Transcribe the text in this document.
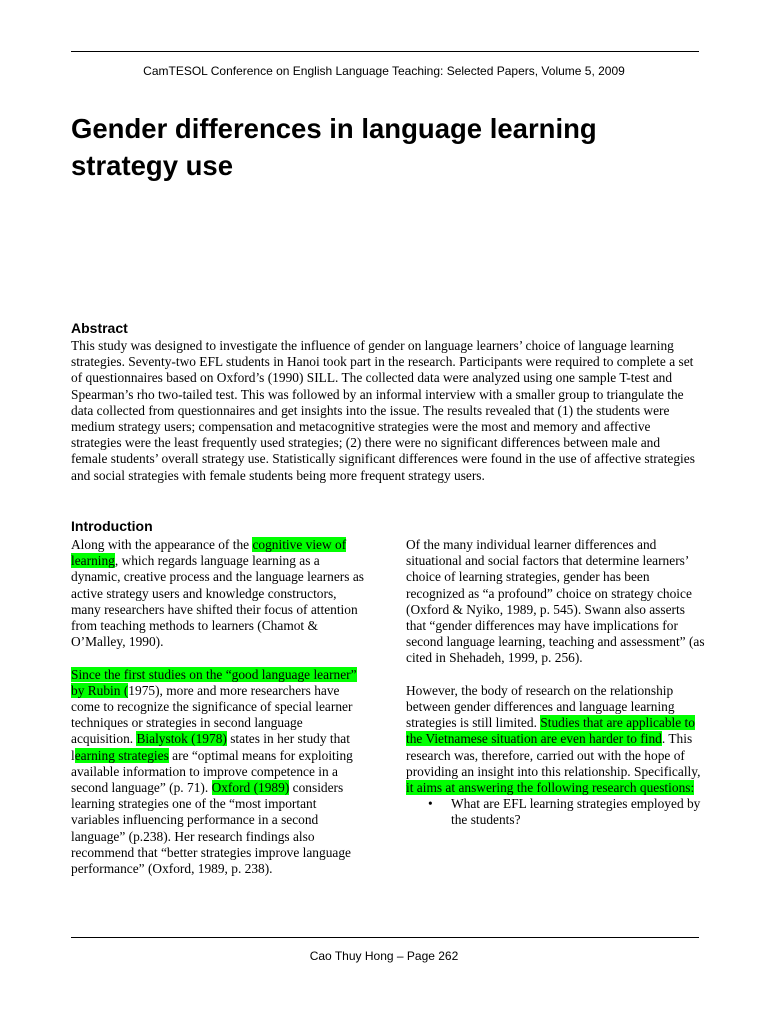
CamTESOL Conference on English Language Teaching: Selected Papers, Volume 5, 2009
Gender differences in language learning strategy use
Abstract

This study was designed to investigate the influence of gender on language learners’ choice of language learning strategies. Seventy-two EFL students in Hanoi took part in the research. Participants were required to complete a set of questionnaires based on Oxford’s (1990) SILL. The collected data were analyzed using one sample T-test and Spearman’s rho two-tailed test. This was followed by an informal interview with a smaller group to triangulate the data collected from questionnaires and get insights into the issue. The results revealed that (1) the students were medium strategy users; compensation and metacognitive strategies were the most and memory and affective strategies were the least frequently used strategies; (2) there were no significant differences between male and female students’ overall strategy use. Statistically significant differences were found in the use of affective strategies and social strategies with female students being more frequent strategy users.

Introduction

Along with the appearance of the cognitive view of learning, which regards language learning as a dynamic, creative process and the language learners as active strategy users and knowledge constructors, many researchers have shifted their focus of attention from teaching methods to learners (Chamot & O’Malley, 1990).

Since the first studies on the “good language learner” by Rubin (1975), more and more researchers have come to recognize the significance of special learner techniques or strategies in second language acquisition. Bialystok (1978) states in her study that learning strategies are “optimal means for exploiting available information to improve competence in a second language” (p. 71). Oxford (1989) considers learning strategies one of the “most important variables influencing performance in a second language” (p.238). Her research findings also recommend that “better strategies improve language performance” (Oxford, 1989, p. 238).

Of the many individual learner differences and situational and social factors that determine learners’ choice of learning strategies, gender has been recognized as “a profound” choice on strategy choice (Oxford & Nyiko, 1989, p. 545). Swann also asserts that “gender differences may have implications for second language learning, teaching and assessment” (as cited in Shehadeh, 1999, p. 256).

However, the body of research on the relationship between gender differences and language learning strategies is still limited. Studies that are applicable to the Vietnamese situation are even harder to find. This research was, therefore, carried out with the hope of providing an insight into this relationship. Specifically, it aims at answering the following research questions:

• What are EFL learning strategies employed by the students?
Cao Thuy Hong – Page 262
